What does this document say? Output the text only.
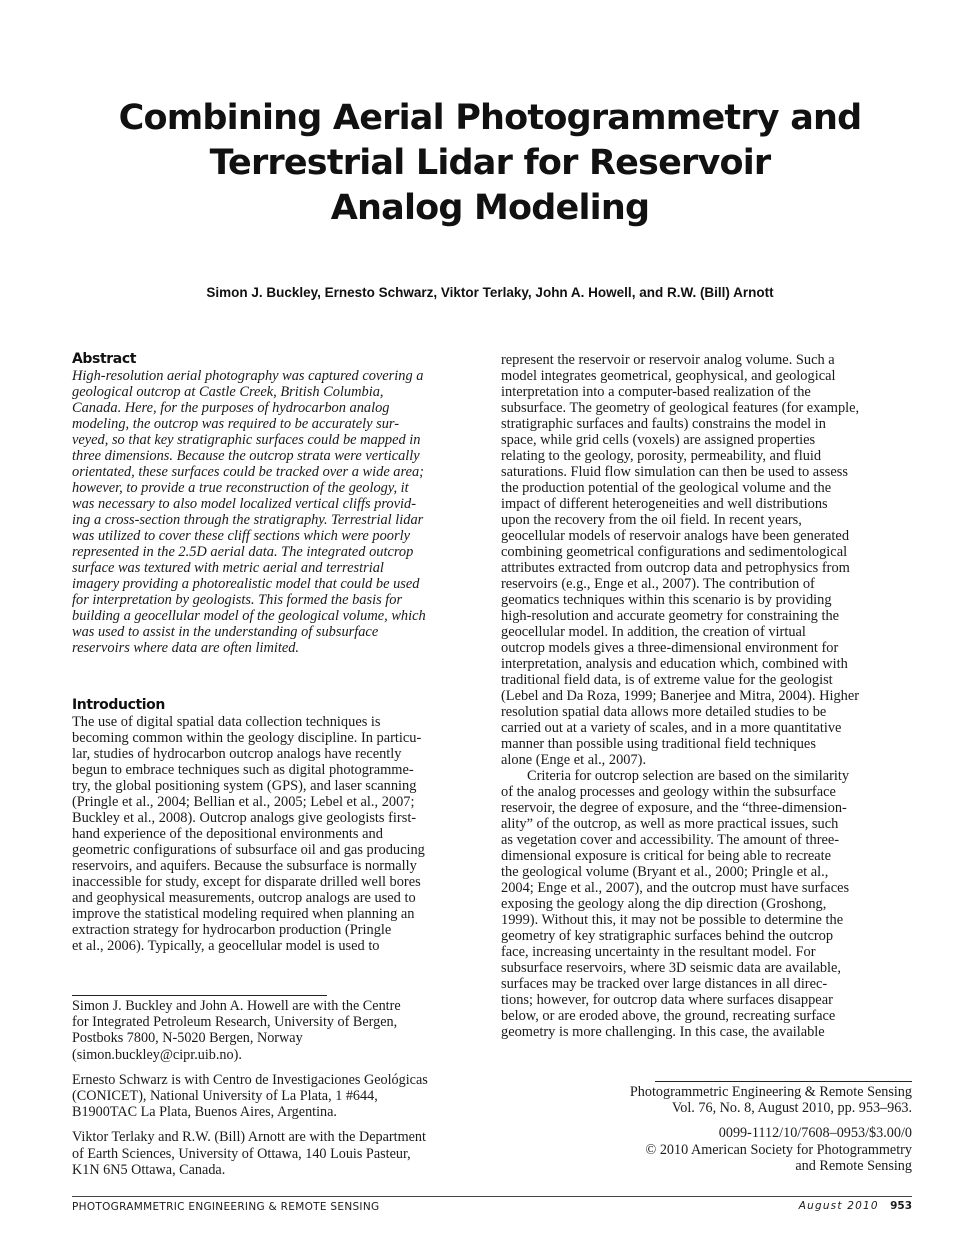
Combining Aerial Photogrammetry and
Terrestrial Lidar for Reservoir
Analog Modeling
Simon J. Buckley, Ernesto Schwarz, Viktor Terlaky, John A. Howell, and R.W. (Bill) Arnott
Abstract

High-resolution aerial photography was captured covering a
geological outcrop at Castle Creek, British Columbia,
Canada. Here, for the purposes of hydrocarbon analog
modeling, the outcrop was required to be accurately sur-
veyed, so that key stratigraphic surfaces could be mapped in
three dimensions. Because the outcrop strata were vertically
orientated, these surfaces could be tracked over a wide area;
however, to provide a true reconstruction of the geology, it
was necessary to also model localized vertical cliffs provid-
ing a cross-section through the stratigraphy. Terrestrial lidar
was utilized to cover these cliff sections which were poorly
represented in the 2.5D aerial data. The integrated outcrop
surface was textured with metric aerial and terrestrial
imagery providing a photorealistic model that could be used
for interpretation by geologists. This formed the basis for
building a geocellular model of the geological volume, which
was used to assist in the understanding of subsurface
reservoirs where data are often limited.

Introduction

The use of digital spatial data collection techniques is
becoming common within the geology discipline. In particu-
lar, studies of hydrocarbon outcrop analogs have recently
begun to embrace techniques such as digital photogramme-
try, the global positioning system (GPS), and laser scanning
(Pringle et al., 2004; Bellian et al., 2005; Lebel et al., 2007;
Buckley et al., 2008). Outcrop analogs give geologists first-
hand experience of the depositional environments and
geometric configurations of subsurface oil and gas producing
reservoirs, and aquifers. Because the subsurface is normally
inaccessible for study, except for disparate drilled well bores
and geophysical measurements, outcrop analogs are used to
improve the statistical modeling required when planning an
extraction strategy for hydrocarbon production (Pringle
et al., 2006). Typically, a geocellular model is used to

represent the reservoir or reservoir analog volume. Such a
model integrates geometrical, geophysical, and geological
interpretation into a computer-based realization of the
subsurface. The geometry of geological features (for example,
stratigraphic surfaces and faults) constrains the model in
space, while grid cells (voxels) are assigned properties
relating to the geology, porosity, permeability, and fluid
saturations. Fluid flow simulation can then be used to assess
the production potential of the geological volume and the
impact of different heterogeneities and well distributions
upon the recovery from the oil field. In recent years,
geocellular models of reservoir analogs have been generated
combining geometrical configurations and sedimentological
attributes extracted from outcrop data and petrophysics from
reservoirs (e.g., Enge et al., 2007). The contribution of
geomatics techniques within this scenario is by providing
high-resolution and accurate geometry for constraining the
geocellular model. In addition, the creation of virtual
outcrop models gives a three-dimensional environment for
interpretation, analysis and education which, combined with
traditional field data, is of extreme value for the geologist
(Lebel and Da Roza, 1999; Banerjee and Mitra, 2004). Higher
resolution spatial data allows more detailed studies to be
carried out at a variety of scales, and in a more quantitative
manner than possible using traditional field techniques
alone (Enge et al., 2007).

Criteria for outcrop selection are based on the similarity
of the analog processes and geology within the subsurface
reservoir, the degree of exposure, and the “three-dimension-
ality” of the outcrop, as well as more practical issues, such
as vegetation cover and accessibility. The amount of three-
dimensional exposure is critical for being able to recreate
the geological volume (Bryant et al., 2000; Pringle et al.,
2004; Enge et al., 2007), and the outcrop must have surfaces
exposing the geology along the dip direction (Groshong,
1999). Without this, it may not be possible to determine the
geometry of key stratigraphic surfaces behind the outcrop
face, increasing uncertainty in the resultant model. For
subsurface reservoirs, where 3D seismic data are available,
surfaces may be tracked over large distances in all direc-
tions; however, for outcrop data where surfaces disappear
below, or are eroded above, the ground, recreating surface
geometry is more challenging. In this case, the available

Simon J. Buckley and John A. Howell are with the Centre
for Integrated Petroleum Research, University of Bergen,
Postboks 7800, N-5020 Bergen, Norway
(simon.buckley@cipr.uib.no).

Ernesto Schwarz is with Centro de Investigaciones Geológicas
(CONICET), National University of La Plata, 1 #644,
B1900TAC La Plata, Buenos Aires, Argentina.

Viktor Terlaky and R.W. (Bill) Arnott are with the Department
of Earth Sciences, University of Ottawa, 140 Louis Pasteur,
K1N 6N5 Ottawa, Canada.

Photogrammetric Engineering & Remote Sensing
Vol. 76, No. 8, August 2010, pp. 953–963.

0099-1112/10/7608–0953/$3.00/0
© 2010 American Society for Photogrammetry
and Remote Sensing

PHOTOGRAMMETRIC ENGINEERING & REMOTE SENSING	August 2010 953
